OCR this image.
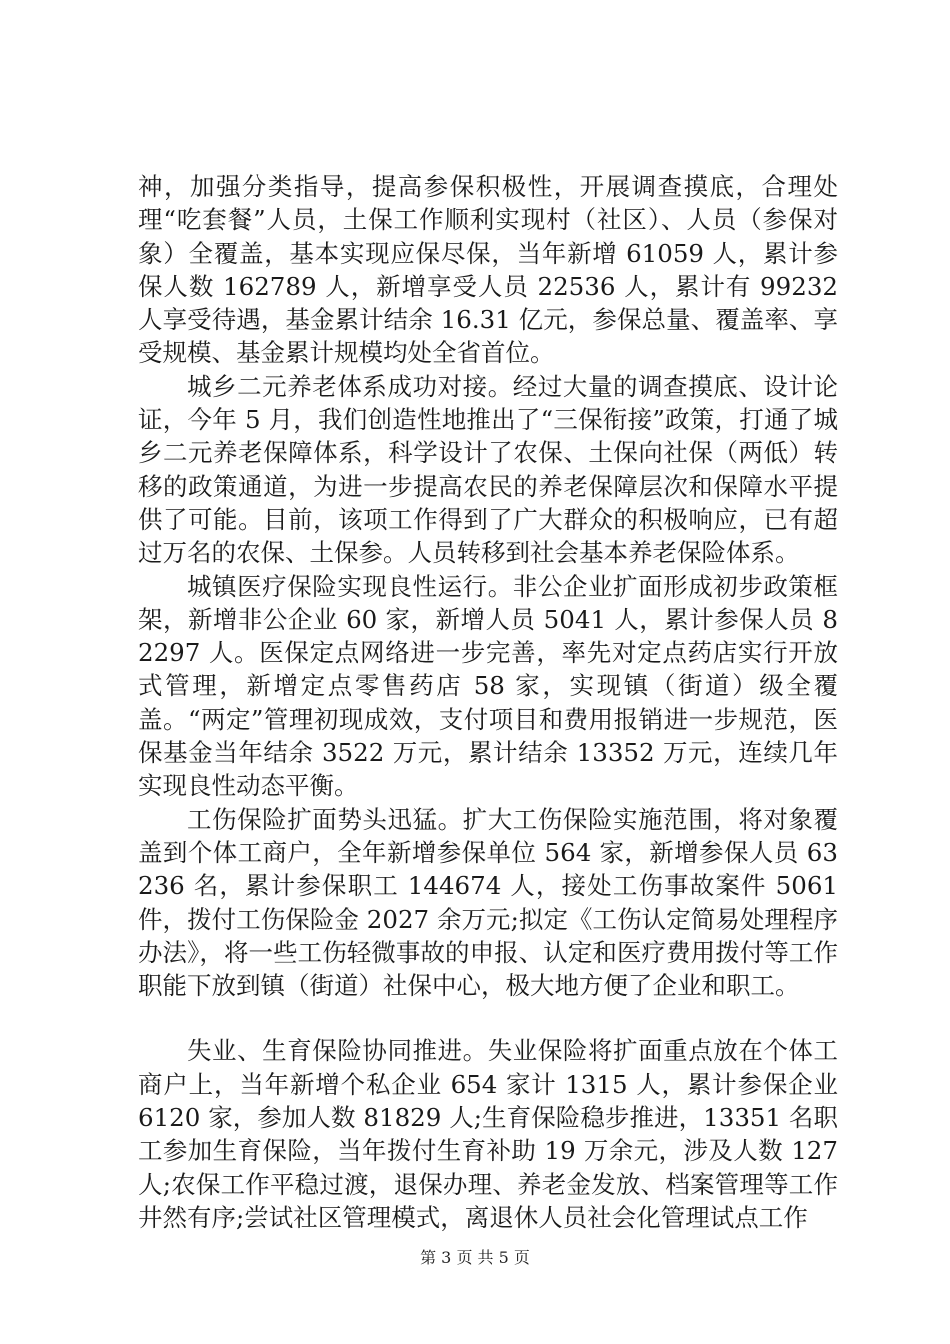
神，加强分类指导，提高参保积极性，开展调查摸底，合理处理“吃套餐”人员，土保工作顺利实现村（社区）、人员（参保对象）全覆盖，基本实现应保尽保，当年新增 61059 人，累计参保人数 162789 人，新增享受人员 22536 人，累计有 99232 人享受待遇，基金累计结余 16.31 亿元，参保总量、覆盖率、享受规模、基金累计规模均处全省首位。

城乡二元养老体系成功对接。经过大量的调查摸底、设计论证，今年 5 月，我们创造性地推出了“三保衔接”政策，打通了城乡二元养老保障体系，科学设计了农保、土保向社保（两低）转移的政策通道，为进一步提高农民的养老保障层次和保障水平提供了可能。目前，该项工作得到了广大群众的积极响应，已有超过万名的农保、土保参。人员转移到社会基本养老保险体系。

城镇医疗保险实现良性运行。非公企业扩面形成初步政策框架，新增非公企业 60 家，新增人员 5041 人，累计参保人员 82297 人。医保定点网络进一步完善，率先对定点药店实行开放式管理，新增定点零售药店 58 家，实现镇（街道）级全覆盖。“两定”管理初现成效，支付项目和费用报销进一步规范，医保基金当年结余 3522 万元，累计结余 13352 万元，连续几年实现良性动态平衡。

工伤保险扩面势头迅猛。扩大工伤保险实施范围，将对象覆盖到个体工商户，全年新增参保单位 564 家，新增参保人员 63236 名，累计参保职工 144674 人，接处工伤事故案件 5061 件，拨付工伤保险金 2027 余万元;拟定《工伤认定简易处理程序办法》，将一些工伤轻微事故的申报、认定和医疗费用拨付等工作职能下放到镇（街道）社保中心，极大地方便了企业和职工。

失业、生育保险协同推进。失业保险将扩面重点放在个体工商户上，当年新增个私企业 654 家计 1315 人，累计参保企业 6120 家，参加人数 81829 人;生育保险稳步推进，13351 名职工参加生育保险，当年拨付生育补助 19 万余元，涉及人数 127 人;农保工作平稳过渡，退保办理、养老金发放、档案管理等工作井然有序;尝试社区管理模式，离退休人员社会化管理试点工作

第 3 页 共 5 页
